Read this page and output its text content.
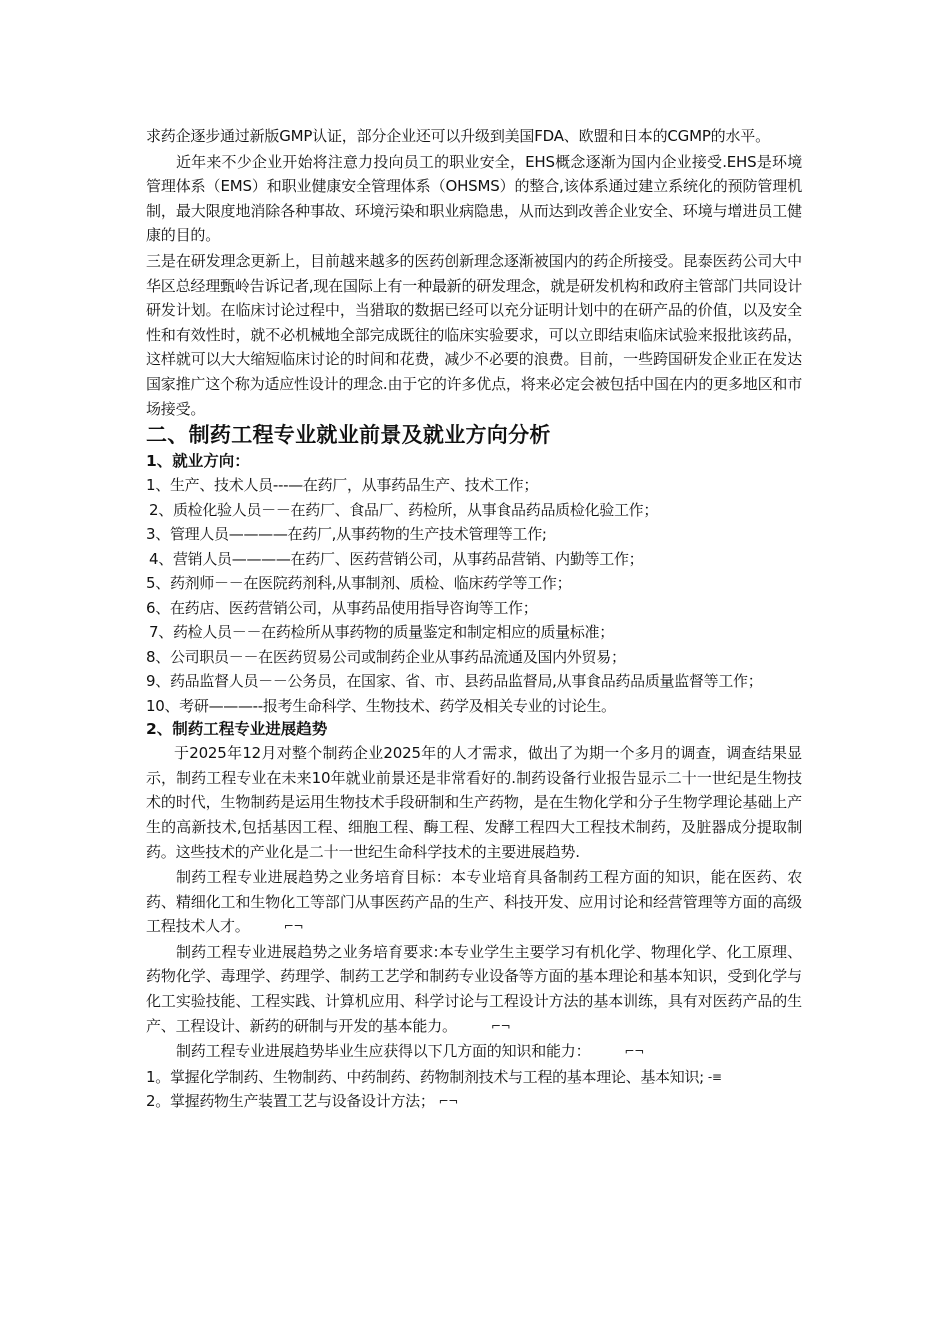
求药企逐步通过新版GMP认证，部分企业还可以升级到美国FDA、欧盟和日本的CGMP的水平。

近年来不少企业开始将注意力投向员工的职业安全，EHS概念逐渐为国内企业接受.EHS是环境管理体系（EMS）和职业健康安全管理体系（OHSMS）的整合,该体系通过建立系统化的预防管理机制，最大限度地消除各种事故、环境污染和职业病隐患，从而达到改善企业安全、环境与增进员工健康的目的。

三是在研发理念更新上，目前越来越多的医药创新理念逐渐被国内的药企所接受。昆泰医药公司大中华区总经理甄岭告诉记者,现在国际上有一种最新的研发理念，就是研发机构和政府主管部门共同设计研发计划。在临床讨论过程中，当猎取的数据已经可以充分证明计划中的在研产品的价值，以及安全性和有效性时，就不必机械地全部完成既往的临床实验要求，可以立即结束临床试验来报批该药品，这样就可以大大缩短临床讨论的时间和花费，减少不必要的浪费。目前，一些跨国研发企业正在发达国家推广这个称为适应性设计的理念.由于它的许多优点，将来必定会被包括中国在内的更多地区和市场接受。

二、制药工程专业就业前景及就业方向分析
1、就业方向：

1、生产、技术人员---—在药厂，从事药品生产、技术工作；

2、质检化验人员－－在药厂、食品厂、药检所，从事食品药品质检化验工作；

3、管理人员————在药厂,从事药物的生产技术管理等工作;

4、营销人员————在药厂、医药营销公司，从事药品营销、内勤等工作；

5、药剂师－－在医院药剂科,从事制剂、质检、临床药学等工作；

6、在药店、医药营销公司，从事药品使用指导咨询等工作；

7、药检人员－－在药检所从事药物的质量鉴定和制定相应的质量标准；

8、公司职员－－在医药贸易公司或制药企业从事药品流通及国内外贸易；

9、药品监督人员－－公务员，在国家、省、市、县药品监督局,从事食品药品质量监督等工作；

10、考研———--报考生命科学、生物技术、药学及相关专业的讨论生。

2、制药工程专业进展趋势

于2025年12月对整个制药企业2025年的人才需求，做出了为期一个多月的调查，调查结果显示，制药工程专业在未来10年就业前景还是非常看好的.制药设备行业报告显示二十一世纪是生物技术的时代，生物制药是运用生物技术手段研制和生产药物，是在生物化学和分子生物学理论基础上产生的高新技术,包括基因工程、细胞工程、酶工程、发酵工程四大工程技术制药，及脏器成分提取制药。这些技术的产业化是二十一世纪生命科学技术的主要进展趋势.

制药工程专业进展趋势之业务培育目标：本专业培育具备制药工程方面的知识，能在医药、农药、精细化工和生物化工等部门从事医药产品的生产、科技开发、应用讨论和经营管理等方面的高级工程技术人才。	⌐¬

制药工程专业进展趋势之业务培育要求:本专业学生主要学习有机化学、物理化学、化工原理、药物化学、毒理学、药理学、制药工艺学和制药专业设备等方面的基本理论和基本知识，受到化学与化工实验技能、工程实践、计算机应用、科学讨论与工程设计方法的基本训练，具有对医药产品的生产、工程设计、新药的研制与开发的基本能力。	⌐¬

制药工程专业进展趋势毕业生应获得以下几方面的知识和能力：	⌐¬

1。掌握化学制药、生物制药、中药制药、药物制剂技术与工程的基本理论、基本知识; -≡

2。掌握药物生产装置工艺与设备设计方法； ⌐¬
